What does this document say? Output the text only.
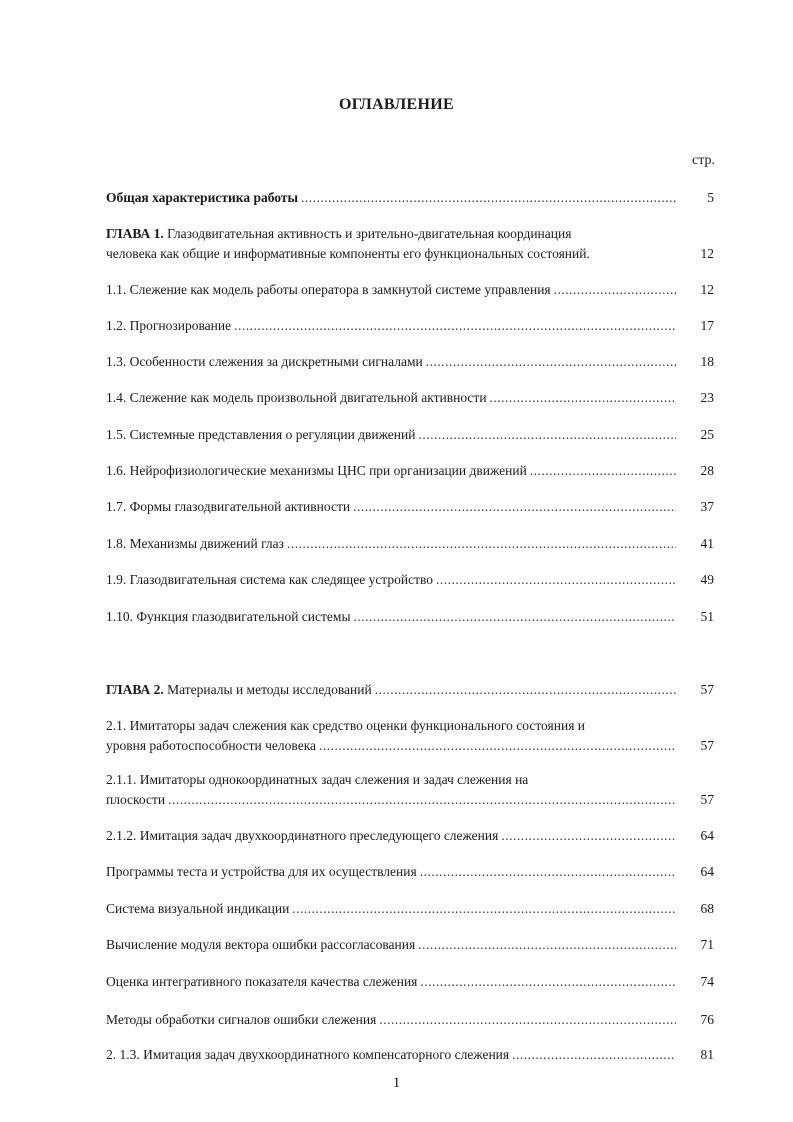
ОГЛАВЛЕНИЕ
стр.
Общая характеристика работы .....	5
ГЛАВА 1. Глазодвигательная активность и зрительно-двигательная координация
человека как общие и информативные компоненты его функциональных состояний.	12
1.1. Слежение как модель работы оператора в замкнутой системе управления .....	12
1.2. Прогнозирование .....	17
1.3. Особенности слежения за дискретными сигналами .....	18
1.4. Слежение как модель произвольной двигательной активности .....	23
1.5. Системные представления о регуляции движений .....	25
1.6. Нейрофизиологические механизмы ЦНС при организации движений .....	28
1.7. Формы глазодвигательной активности .....	37
1.8. Механизмы движений глаз .....	41
1.9. Глазодвигательная система как следящее устройство .....	49
1.10. Функция глазодвигательной системы .....	51
ГЛАВА 2. Материалы и методы исследований .....	57
2.1. Имитаторы задач слежения как средство оценки функционального состояния и
уровня работоспособности человека .....	57
2.1.1. Имитаторы однокоординатных задач слежения и задач слежения на
плоскости .....	57
2.1.2. Имитация задач двухкоординатного преследующего слежения .....	64
Программы теста и устройства для их осуществления .....	64
Система визуальной индикации .....	68
Вычисление модуля вектора ошибки рассогласования .....	71
Оценка интегративного показателя качества слежения .....	74
Методы обработки сигналов ошибки слежения .....	76
2. 1.3. Имитация задач двухкоординатного компенсаторного слежения .....	81
1
